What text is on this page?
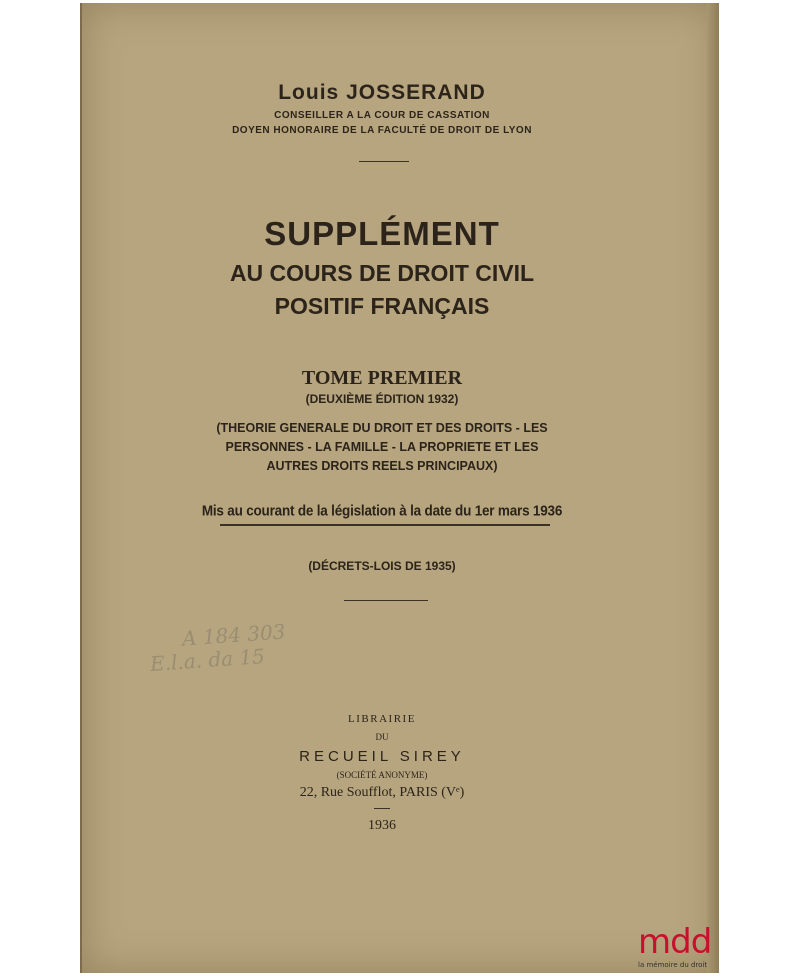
Louis JOSSERAND
CONSEILLER A LA COUR DE CASSATION
DOYEN HONORAIRE DE LA FACULTÉ DE DROIT DE LYON
SUPPLÉMENT
AU COURS DE DROIT CIVIL
POSITIF FRANÇAIS
TOME PREMIER
(DEUXIÈME ÉDITION 1932)
(THEORIE GENERALE DU DROIT ET DES DROITS - LES
PERSONNES - LA FAMILLE - LA PROPRIETE ET LES
AUTRES DROITS REELS PRINCIPAUX)
Mis au courant de la législation à la date du 1er mars 1936
(DÉCRETS-LOIS DE 1935)
A 184 303
E.l.a. da 15
LIBRAIRIE
DU
RECUEIL SIREY
(SOCIÉTÉ ANONYME)
22, Rue Soufflot, PARIS (Vᵉ)
1936
mdd
la mémoire du droit
